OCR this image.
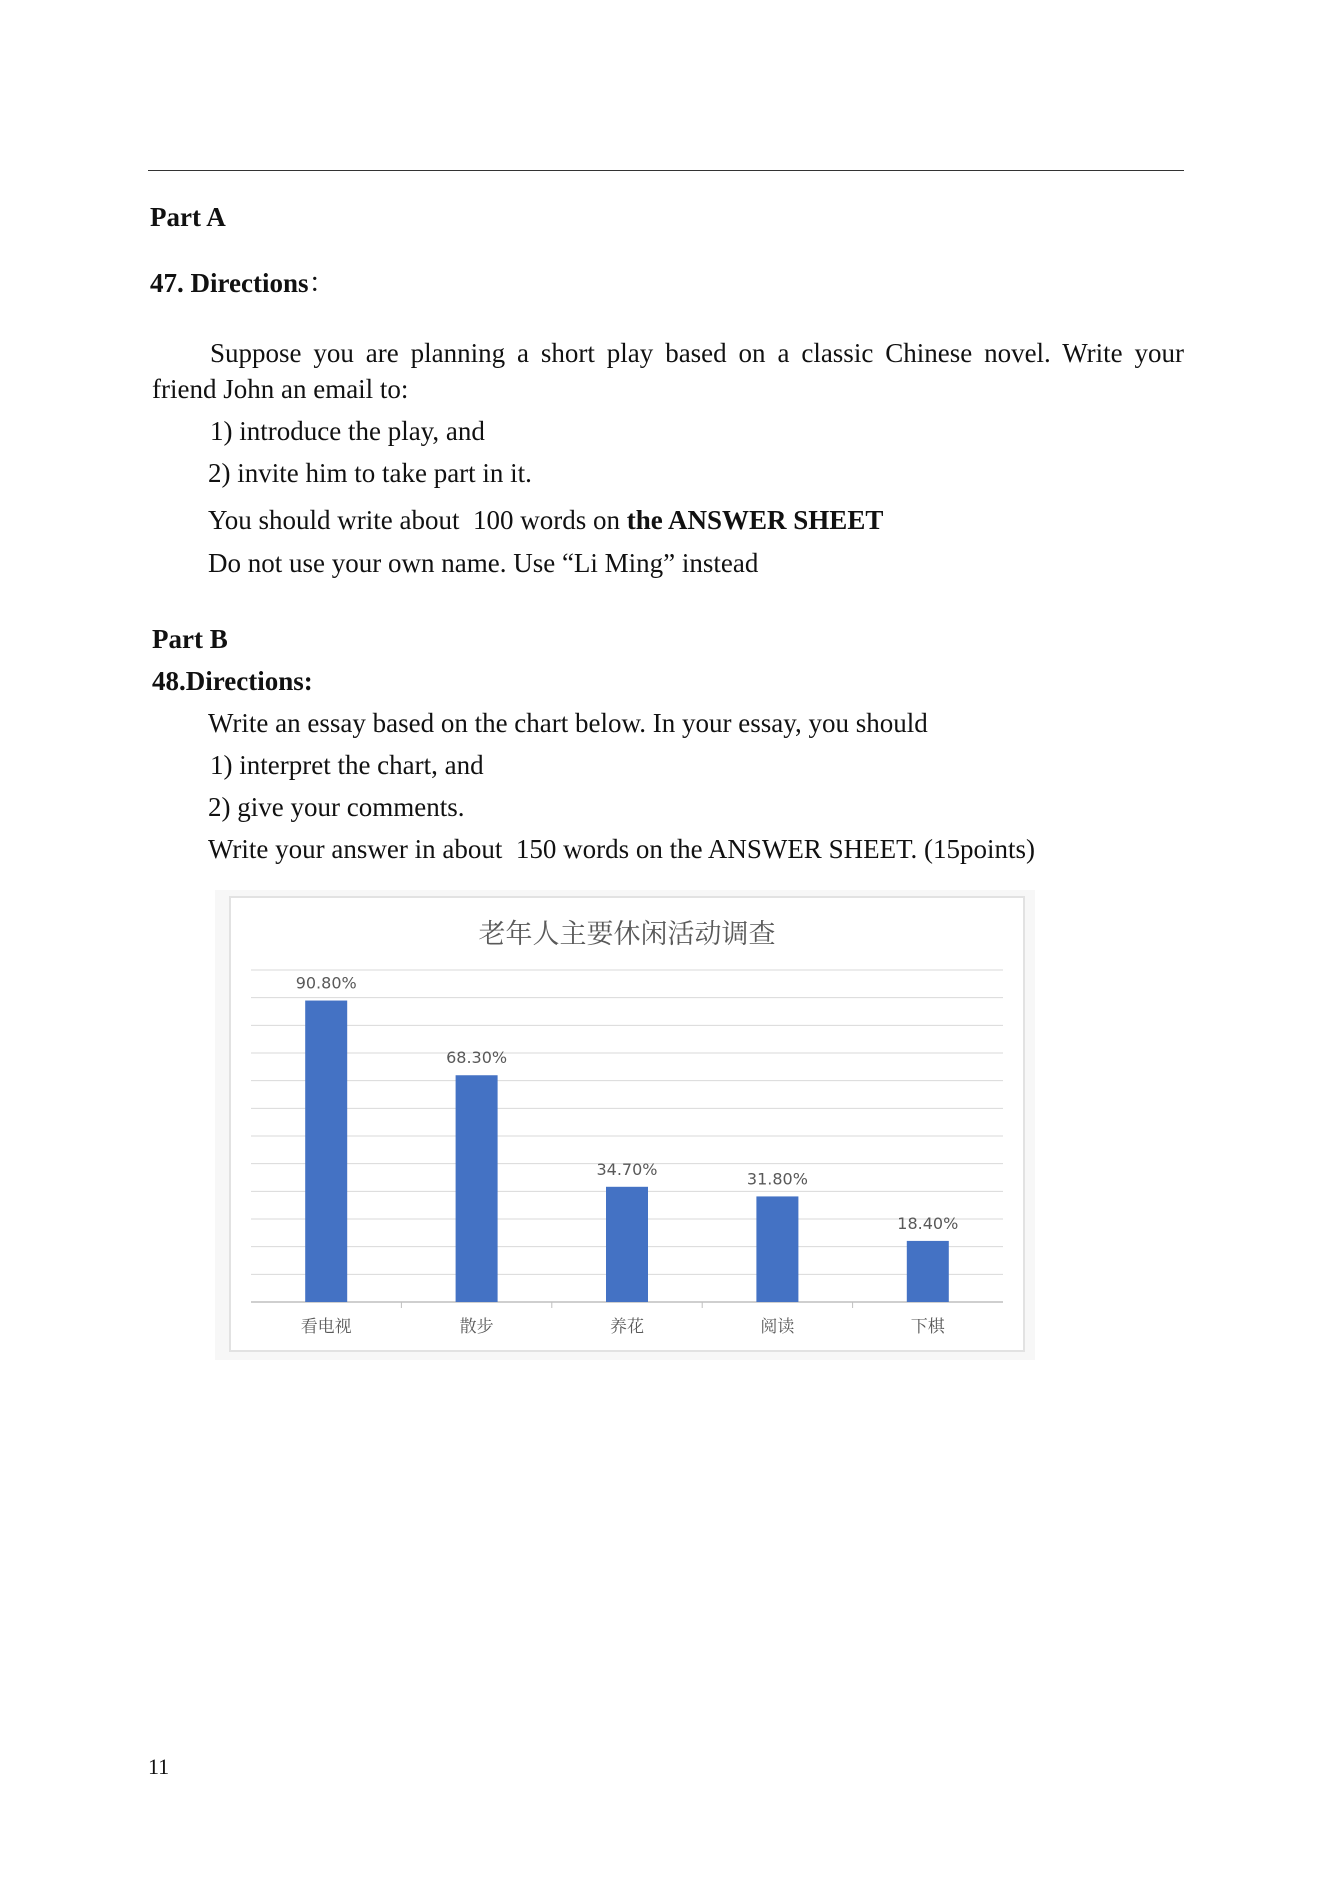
Part A
47. Directions：
Suppose you are planning a short play based on a classic Chinese novel. Write your
friend John an email to:
1) introduce the play, and
2) invite him to take part in it.
You should write about  100 words on the ANSWER SHEET
Do not use your own name. Use “Li Ming” instead
Part B
48.Directions:
Write an essay based on the chart below. In your essay, you should
1) interpret the chart, and
2) give your comments.
Write your answer in about  150 words on the ANSWER SHEET. (15points)
老年人主要休闲活动调查
90.80%
看电视
68.30%
散步
34.70%
养花
31.80%
阅读
18.40%
下棋
11
